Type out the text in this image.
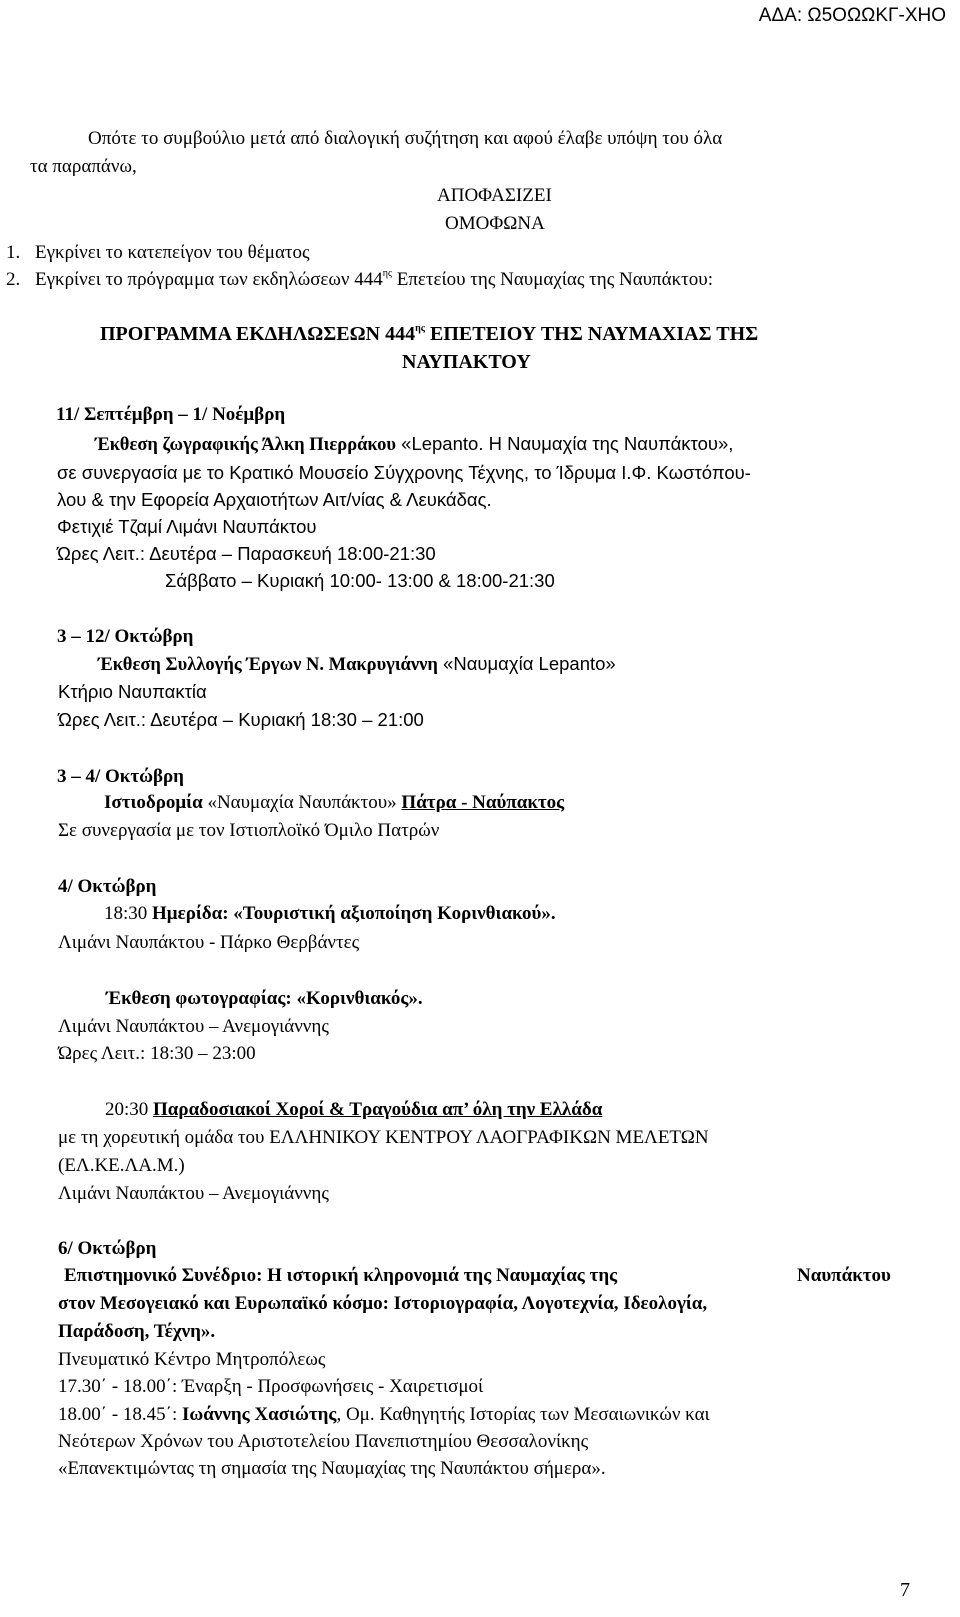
ΑΔΑ: Ω5ΟΩΩΚΓ-ΧΗΟ
Οπότε το συμβούλιο μετά από διαλογική συζήτηση και αφού έλαβε υπόψη του όλα
τα παραπάνω,
ΑΠΟΦΑΣΙΖΕΙ
ΟΜΟΦΩΝΑ
1. Εγκρίνει το κατεπείγον του θέματος
2. Εγκρίνει το πρόγραμμα των εκδηλώσεων $444^{\eta\varsigma}$ Επετείου της Ναυμαχίας της Ναυπάκτου:
ΠΡΟΓΡΑΜΜΑ ΕΚΔΗΛΩΣΕΩΝ $444^{\eta\varsigma}$ ΕΠΕΤΕΙΟΥ ΤΗΣ ΝΑΥΜΑΧΙΑΣ ΤΗΣ
ΝΑΥΠΑΚΤΟΥ
11/ Σεπτέμβρη – 1/ Νοέμβρη
Έκθεση ζωγραφικής Άλκη Πιερράκου «Lepanto. Η Ναυμαχία της Ναυπάκτου»,
σε συνεργασία με το Κρατικό Μουσείο Σύγχρονης Τέχνης, το Ίδρυμα Ι.Φ. Κωστόπου-
λου & την Εφορεία Αρχαιοτήτων Αιτ/νίας & Λευκάδας.
Φετιχιέ Τζαμί Λιμάνι Ναυπάκτου
Ώρες Λειτ.: Δευτέρα – Παρασκευή 18:00-21:30
Σάββατο – Κυριακή 10:00- 13:00 & 18:00-21:30
3 – 12/ Οκτώβρη
Έκθεση Συλλογής Έργων Ν. Μακρυγιάννη «Ναυμαχία Lepanto»
Κτήριο Ναυπακτία
Ώρες Λειτ.: Δευτέρα – Κυριακή 18:30 – 21:00
3 – 4/ Οκτώβρη
Ιστιοδρομία «Ναυμαχία Ναυπάκτου» Πάτρα - Ναύπακτος
Σε συνεργασία με τον Ιστιοπλοϊκό Όμιλο Πατρών
4/ Οκτώβρη
18:30 Ημερίδα: «Τουριστική αξιοποίηση Κορινθιακού».
Λιμάνι Ναυπάκτου - Πάρκο Θερβάντες
Έκθεση φωτογραφίας: «Κορινθιακός».
Λιμάνι Ναυπάκτου – Ανεμογιάννης
Ώρες Λειτ.: 18:30 – 23:00
20:30 Παραδοσιακοί Χοροί & Τραγούδια απ’ όλη την Ελλάδα
με τη χορευτική ομάδα του ΕΛΛΗΝΙΚΟΥ ΚΕΝΤΡΟΥ ΛΑΟΓΡΑΦΙΚΩΝ ΜΕΛΕΤΩΝ
(ΕΛ.ΚΕ.ΛΑ.Μ.)
Λιμάνι Ναυπάκτου – Ανεμογιάννης
6/ Οκτώβρη
Επιστημονικό Συνέδριο: Η ιστορική κληρονομιά της Ναυμαχίας της	Ναυπάκτου
στον Μεσογειακό και Ευρωπαϊκό κόσμο: Ιστοριογραφία, Λογοτεχνία, Ιδεολογία,
Παράδοση, Τέχνη».
Πνευματικό Κέντρο Μητροπόλεως
17.30΄ - 18.00΄: Έναρξη - Προσφωνήσεις - Χαιρετισμοί
18.00΄ - 18.45΄: Ιωάννης Χασιώτης, Ομ. Καθηγητής Ιστορίας των Μεσαιωνικών και
Νεότερων Χρόνων του Αριστοτελείου Πανεπιστημίου Θεσσαλονίκης
«Επανεκτιμώντας τη σημασία της Ναυμαχίας της Ναυπάκτου σήμερα».
7
